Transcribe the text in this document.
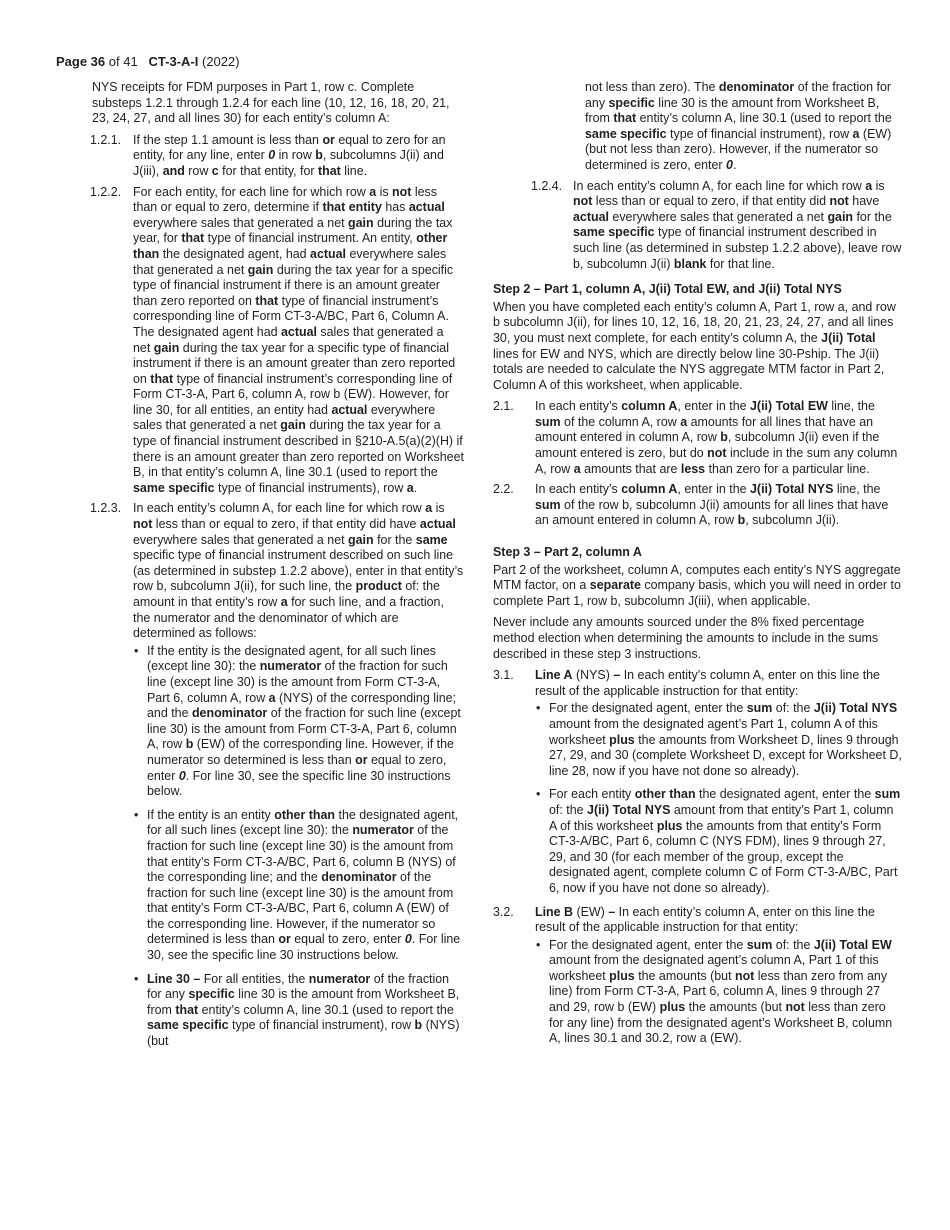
Page 36 of 41 CT-3-A-I (2022)

NYS receipts for FDM purposes in Part 1, row c. Complete substeps 1.2.1 through 1.2.4 for each line (10, 12, 16, 18, 20, 21, 23, 24, 27, and all lines 30) for each entity’s column A:

1.2.1. If the step 1.1 amount is less than or equal to zero for an entity, for any line, enter 0 in row b, subcolumns J(ii) and J(iii), and row c for that entity, for that line.
1.2.2. For each entity, for each line for which row a is not less than or equal to zero, determine if that entity has actual everywhere sales that generated a net gain during the tax year, for that type of financial instrument. An entity, other than the designated agent, had actual everywhere sales that generated a net gain during the tax year for a specific type of financial instrument if there is an amount greater than zero reported on that type of financial instrument’s corresponding line of Form CT-3-A/BC, Part 6, Column A. The designated agent had actual sales that generated a net gain during the tax year for a specific type of financial instrument if there is an amount greater than zero reported on that type of financial instrument’s corresponding line of Form CT-3-A, Part 6, column A, row b (EW). However, for line 30, for all entities, an entity had actual everywhere sales that generated a net gain during the tax year for a type of financial instrument described in §210-A.5(a)(2)(H) if there is an amount greater than zero reported on Worksheet B, in that entity’s column A, line 30.1 (used to report the same specific type of financial instruments), row a.
1.2.3. In each entity’s column A, for each line for which row a is not less than or equal to zero, if that entity did have actual everywhere sales that generated a net gain for the same specific type of financial instrument described on such line (as determined in substep 1.2.2 above), enter in that entity’s row b, subcolumn J(ii), for such line, the product of: the amount in that entity’s row a for such line, and a fraction, the numerator and the denominator of which are determined as follows:
• If the entity is the designated agent, for all such lines (except line 30): the numerator of the fraction for such line (except line 30) is the amount from Form CT-3-A, Part 6, column A, row a (NYS) of the corresponding line; and the denominator of the fraction for such line (except line 30) is the amount from Form CT-3-A, Part 6, column A, row b (EW) of the corresponding line. However, if the numerator so determined is less than or equal to zero, enter 0. For line 30, see the specific line 30 instructions below.
• If the entity is an entity other than the designated agent, for all such lines (except line 30): the numerator of the fraction for such line (except line 30) is the amount from that entity’s Form CT-3-A/BC, Part 6, column B (NYS) of the corresponding line; and the denominator of the fraction for such line (except line 30) is the amount from that entity’s Form CT-3-A/BC, Part 6, column A (EW) of the corresponding line. However, if the numerator so determined is less than or equal to zero, enter 0. For line 30, see the specific line 30 instructions below.
• Line 30 – For all entities, the numerator of the fraction for any specific line 30 is the amount from Worksheet B, from that entity’s column A, line 30.1 (used to report the same specific type of financial instrument), row b (NYS) (but
not less than zero). The denominator of the fraction for any specific line 30 is the amount from Worksheet B, from that entity’s column A, line 30.1 (used to report the same specific type of financial instrument), row a (EW) (but not less than zero). However, if the numerator so determined is zero, enter 0.
1.2.4. In each entity’s column A, for each line for which row a is not less than or equal to zero, if that entity did not have actual everywhere sales that generated a net gain for the same specific type of financial instrument described in such line (as determined in substep 1.2.2 above), leave row b, subcolumn J(ii) blank for that line.
Step 2 – Part 1, column A, J(ii) Total EW, and J(ii) Total NYS

When you have completed each entity’s column A, Part 1, row a, and row b subcolumn J(ii), for lines 10, 12, 16, 18, 20, 21, 23, 24, 27, and all lines 30, you must next complete, for each entity’s column A, the J(ii) Total lines for EW and NYS, which are directly below line 30-Pship. The J(ii) totals are needed to calculate the NYS aggregate MTM factor in Part 2, Column A of this worksheet, when applicable.

2.1. In each entity’s column A, enter in the J(ii) Total EW line, the sum of the column A, row a amounts for all lines that have an amount entered in column A, row b, subcolumn J(ii) even if the amount entered is zero, but do not include in the sum any column A, row a amounts that are less than zero for a particular line.
2.2. In each entity’s column A, enter in the J(ii) Total NYS line, the sum of the row b, subcolumn J(ii) amounts for all lines that have an amount entered in column A, row b, subcolumn J(ii).
Step 3 – Part 2, column A

Part 2 of the worksheet, column A, computes each entity’s NYS aggregate MTM factor, on a separate company basis, which you will need in order to complete Part 1, row b, subcolumn J(iii), when applicable.

Never include any amounts sourced under the 8% fixed percentage method election when determining the amounts to include in the sums described in these step 3 instructions.

3.1. Line A (NYS) – In each entity’s column A, enter on this line the result of the applicable instruction for that entity:
• For the designated agent, enter the sum of: the J(ii) Total NYS amount from the designated agent’s Part 1, column A of this worksheet plus the amounts from Worksheet D, lines 9 through 27, 29, and 30 (complete Worksheet D, except for Worksheet D, line 28, now if you have not done so already).
• For each entity other than the designated agent, enter the sum of: the J(ii) Total NYS amount from that entity’s Part 1, column A of this worksheet plus the amounts from that entity’s Form CT-3-A/BC, Part 6, column C (NYS FDM), lines 9 through 27, 29, and 30 (for each member of the group, except the designated agent, complete column C of Form CT-3-A/BC, Part 6, now if you have not done so already).
3.2. Line B (EW) – In each entity’s column A, enter on this line the result of the applicable instruction for that entity:
• For the designated agent, enter the sum of: the J(ii) Total EW amount from the designated agent’s column A, Part 1 of this worksheet plus the amounts (but not less than zero from any line) from Form CT-3-A, Part 6, column A, lines 9 through 27 and 29, row b (EW) plus the amounts (but not less than zero for any line) from the designated agent’s Worksheet B, column A, lines 30.1 and 30.2, row a (EW).
